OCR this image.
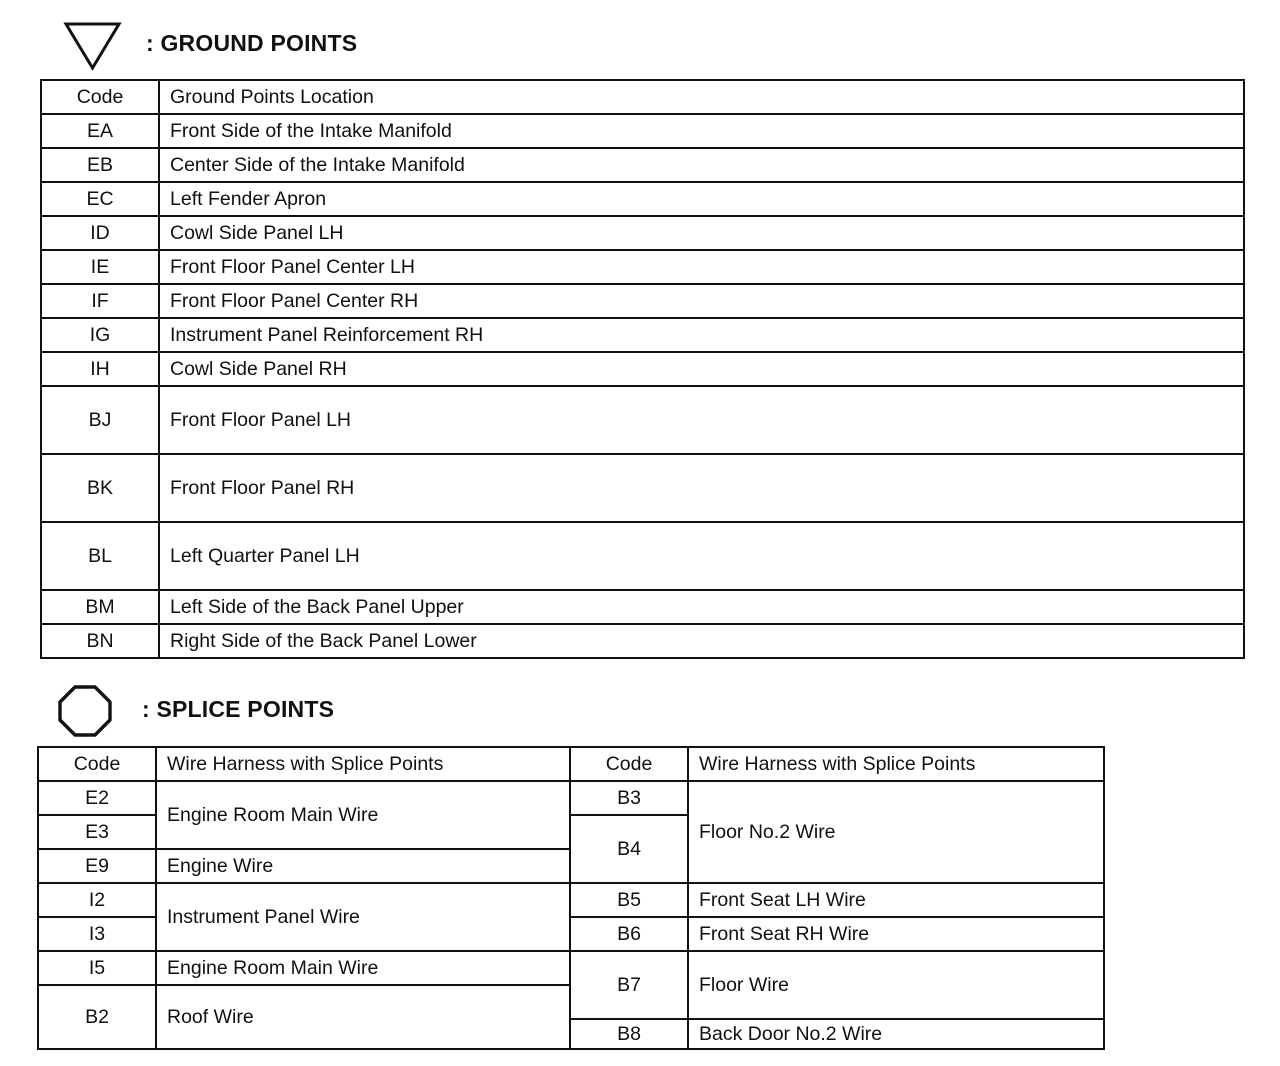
: GROUND POINTS
Code	Ground Points Location
EA	Front Side of the Intake Manifold
EB	Center Side of the Intake Manifold
EC	Left Fender Apron
ID	Cowl Side Panel LH
IE	Front Floor Panel Center LH
IF	Front Floor Panel Center RH
IG	Instrument Panel Reinforcement RH
IH	Cowl Side Panel RH
BJ	Front Floor Panel LH
BK	Front Floor Panel RH
BL	Left Quarter Panel LH
BM	Left Side of the Back Panel Upper
BN	Right Side of the Back Panel Lower
: SPLICE POINTS
Code	Wire Harness with Splice Points	Code	Wire Harness with Splice Points
E2	Engine Room Main Wire	B3	Floor No.2 Wire
E3		B4	
E9	Engine Wire		
I2	Instrument Panel Wire	B5	Front Seat LH Wire
I3		B6	Front Seat RH Wire
I5	Engine Room Main Wire	B7	Floor Wire
B2	Roof Wire		
		B8	Back Door No.2 Wire
